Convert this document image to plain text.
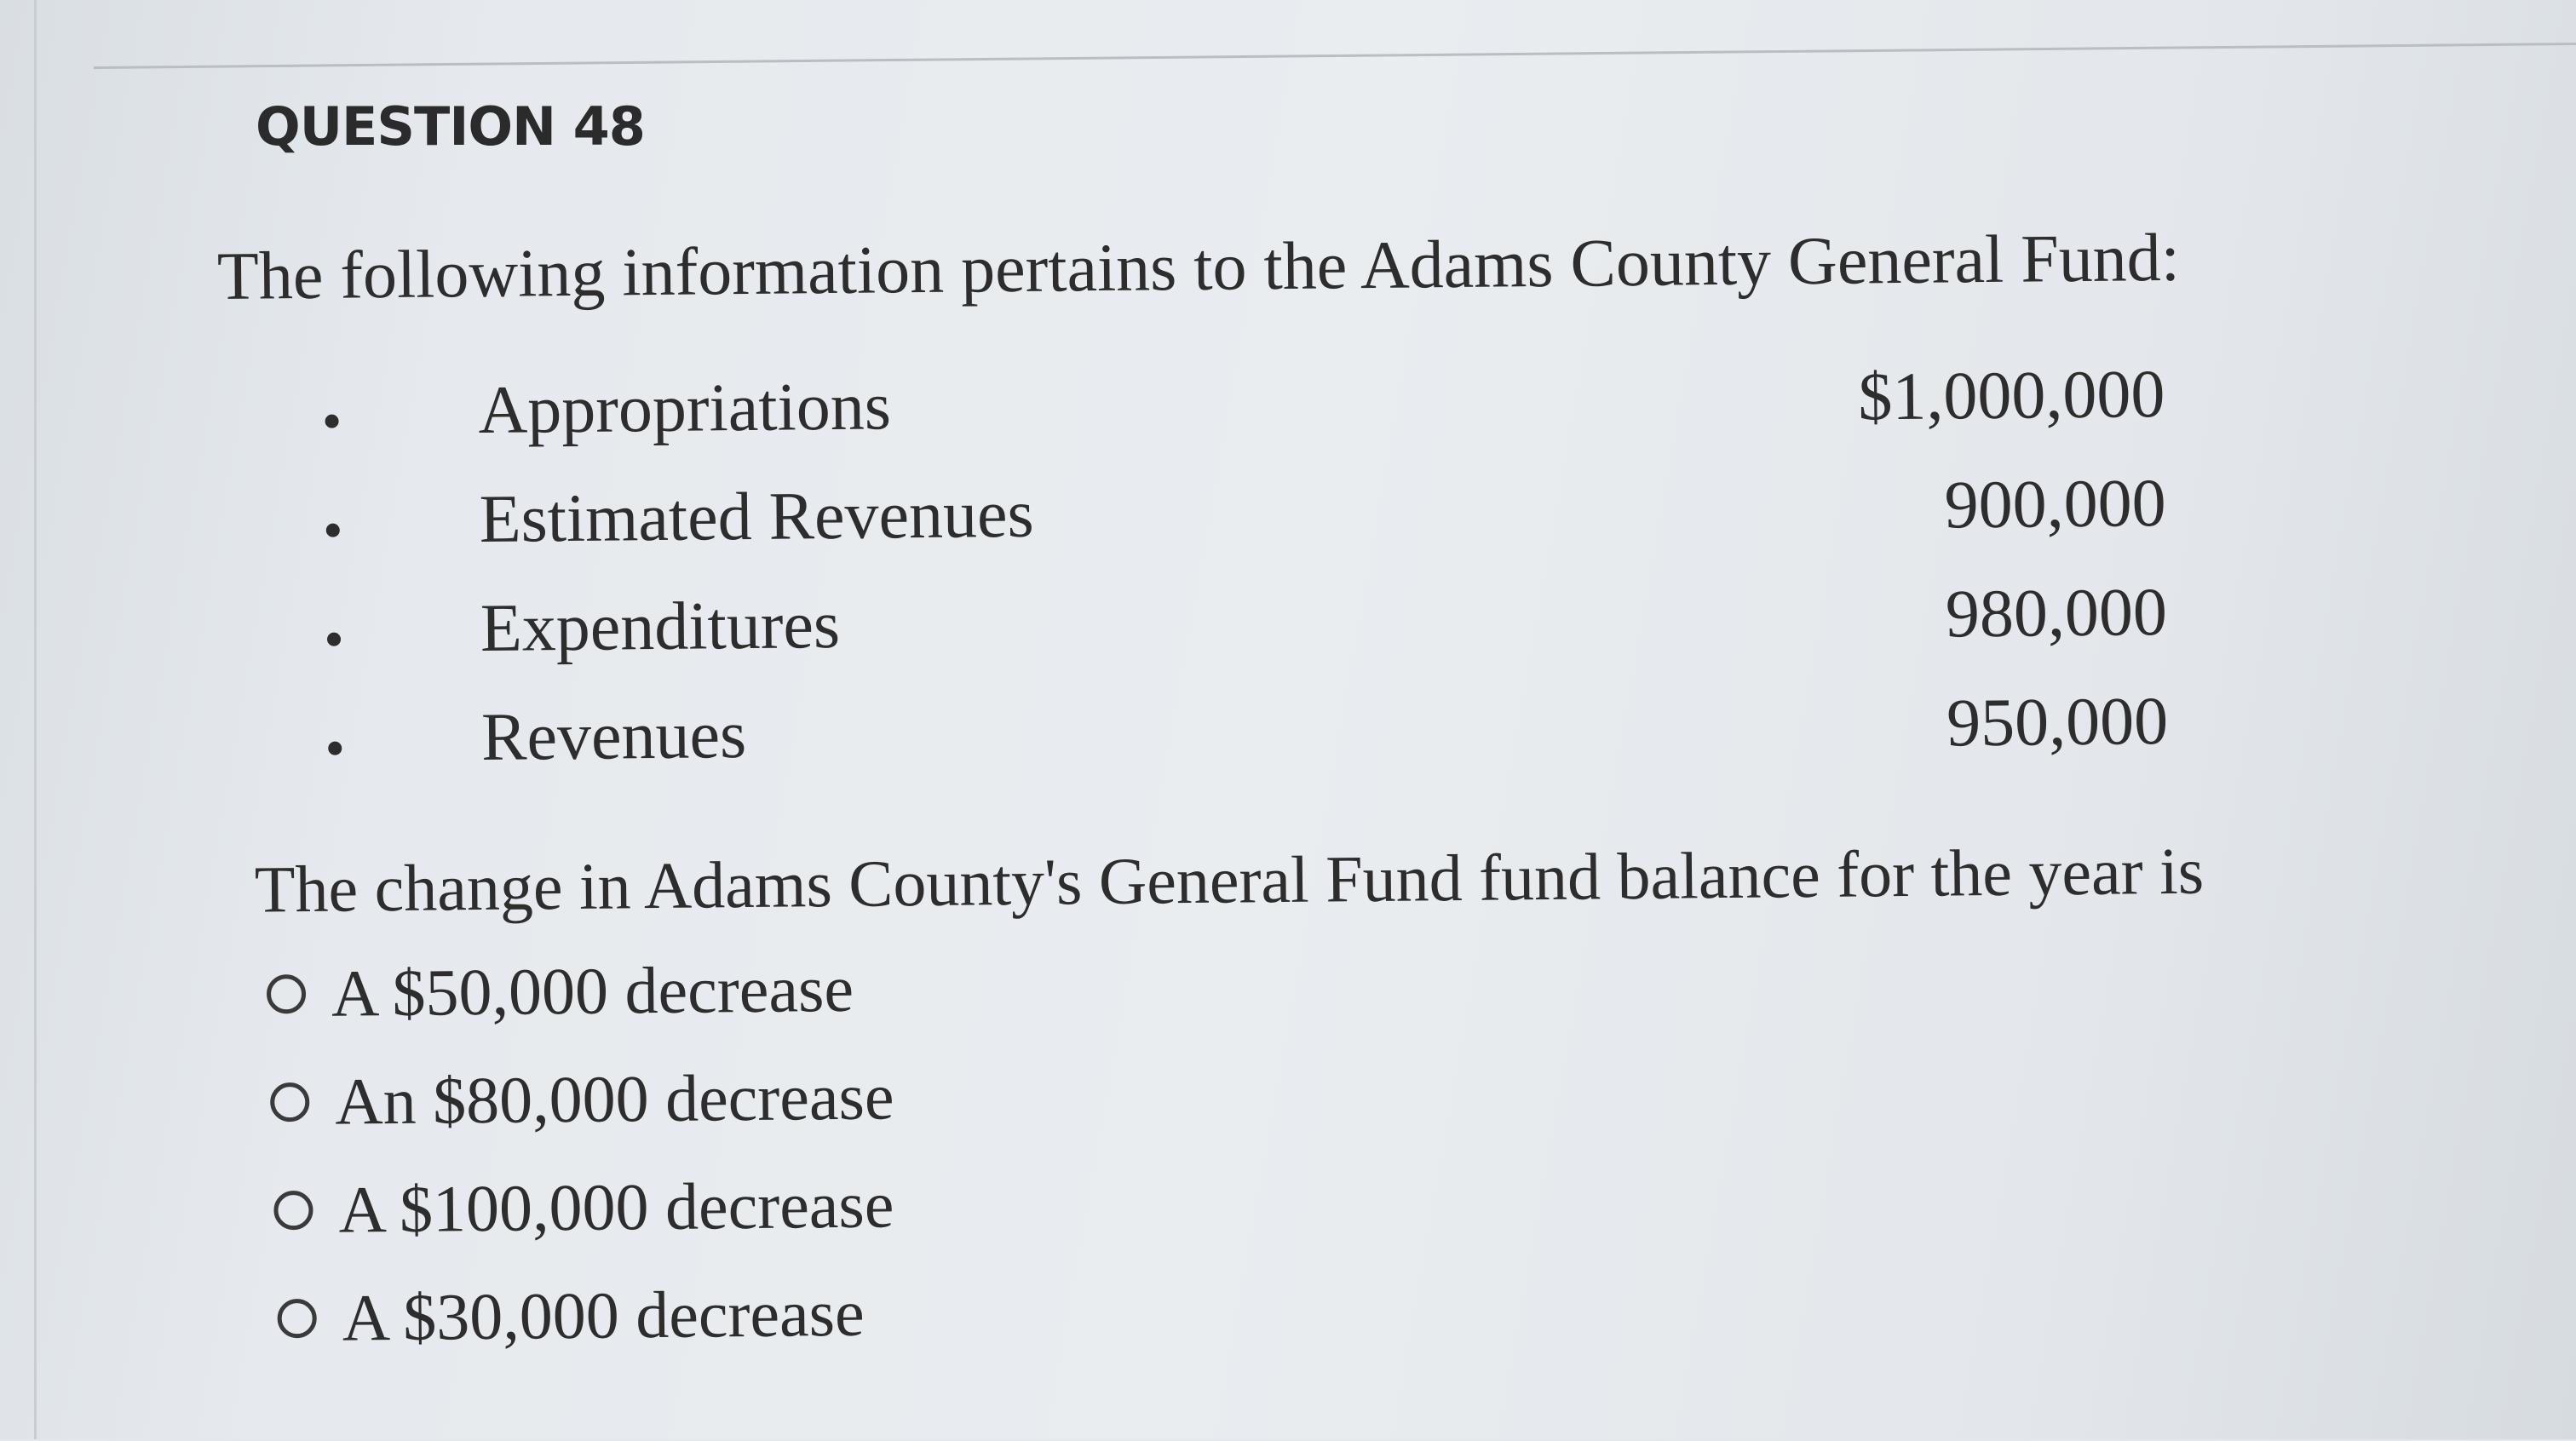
QUESTION 48
The following information pertains to the Adams County General Fund:
Appropriations	$1,000,000
Estimated Revenues	900,000
Expenditures	980,000
Revenues	950,000
The change in Adams County's General Fund fund balance for the year is
A $50,000 decrease
An $80,000 decrease
A $100,000 decrease
A $30,000 decrease
